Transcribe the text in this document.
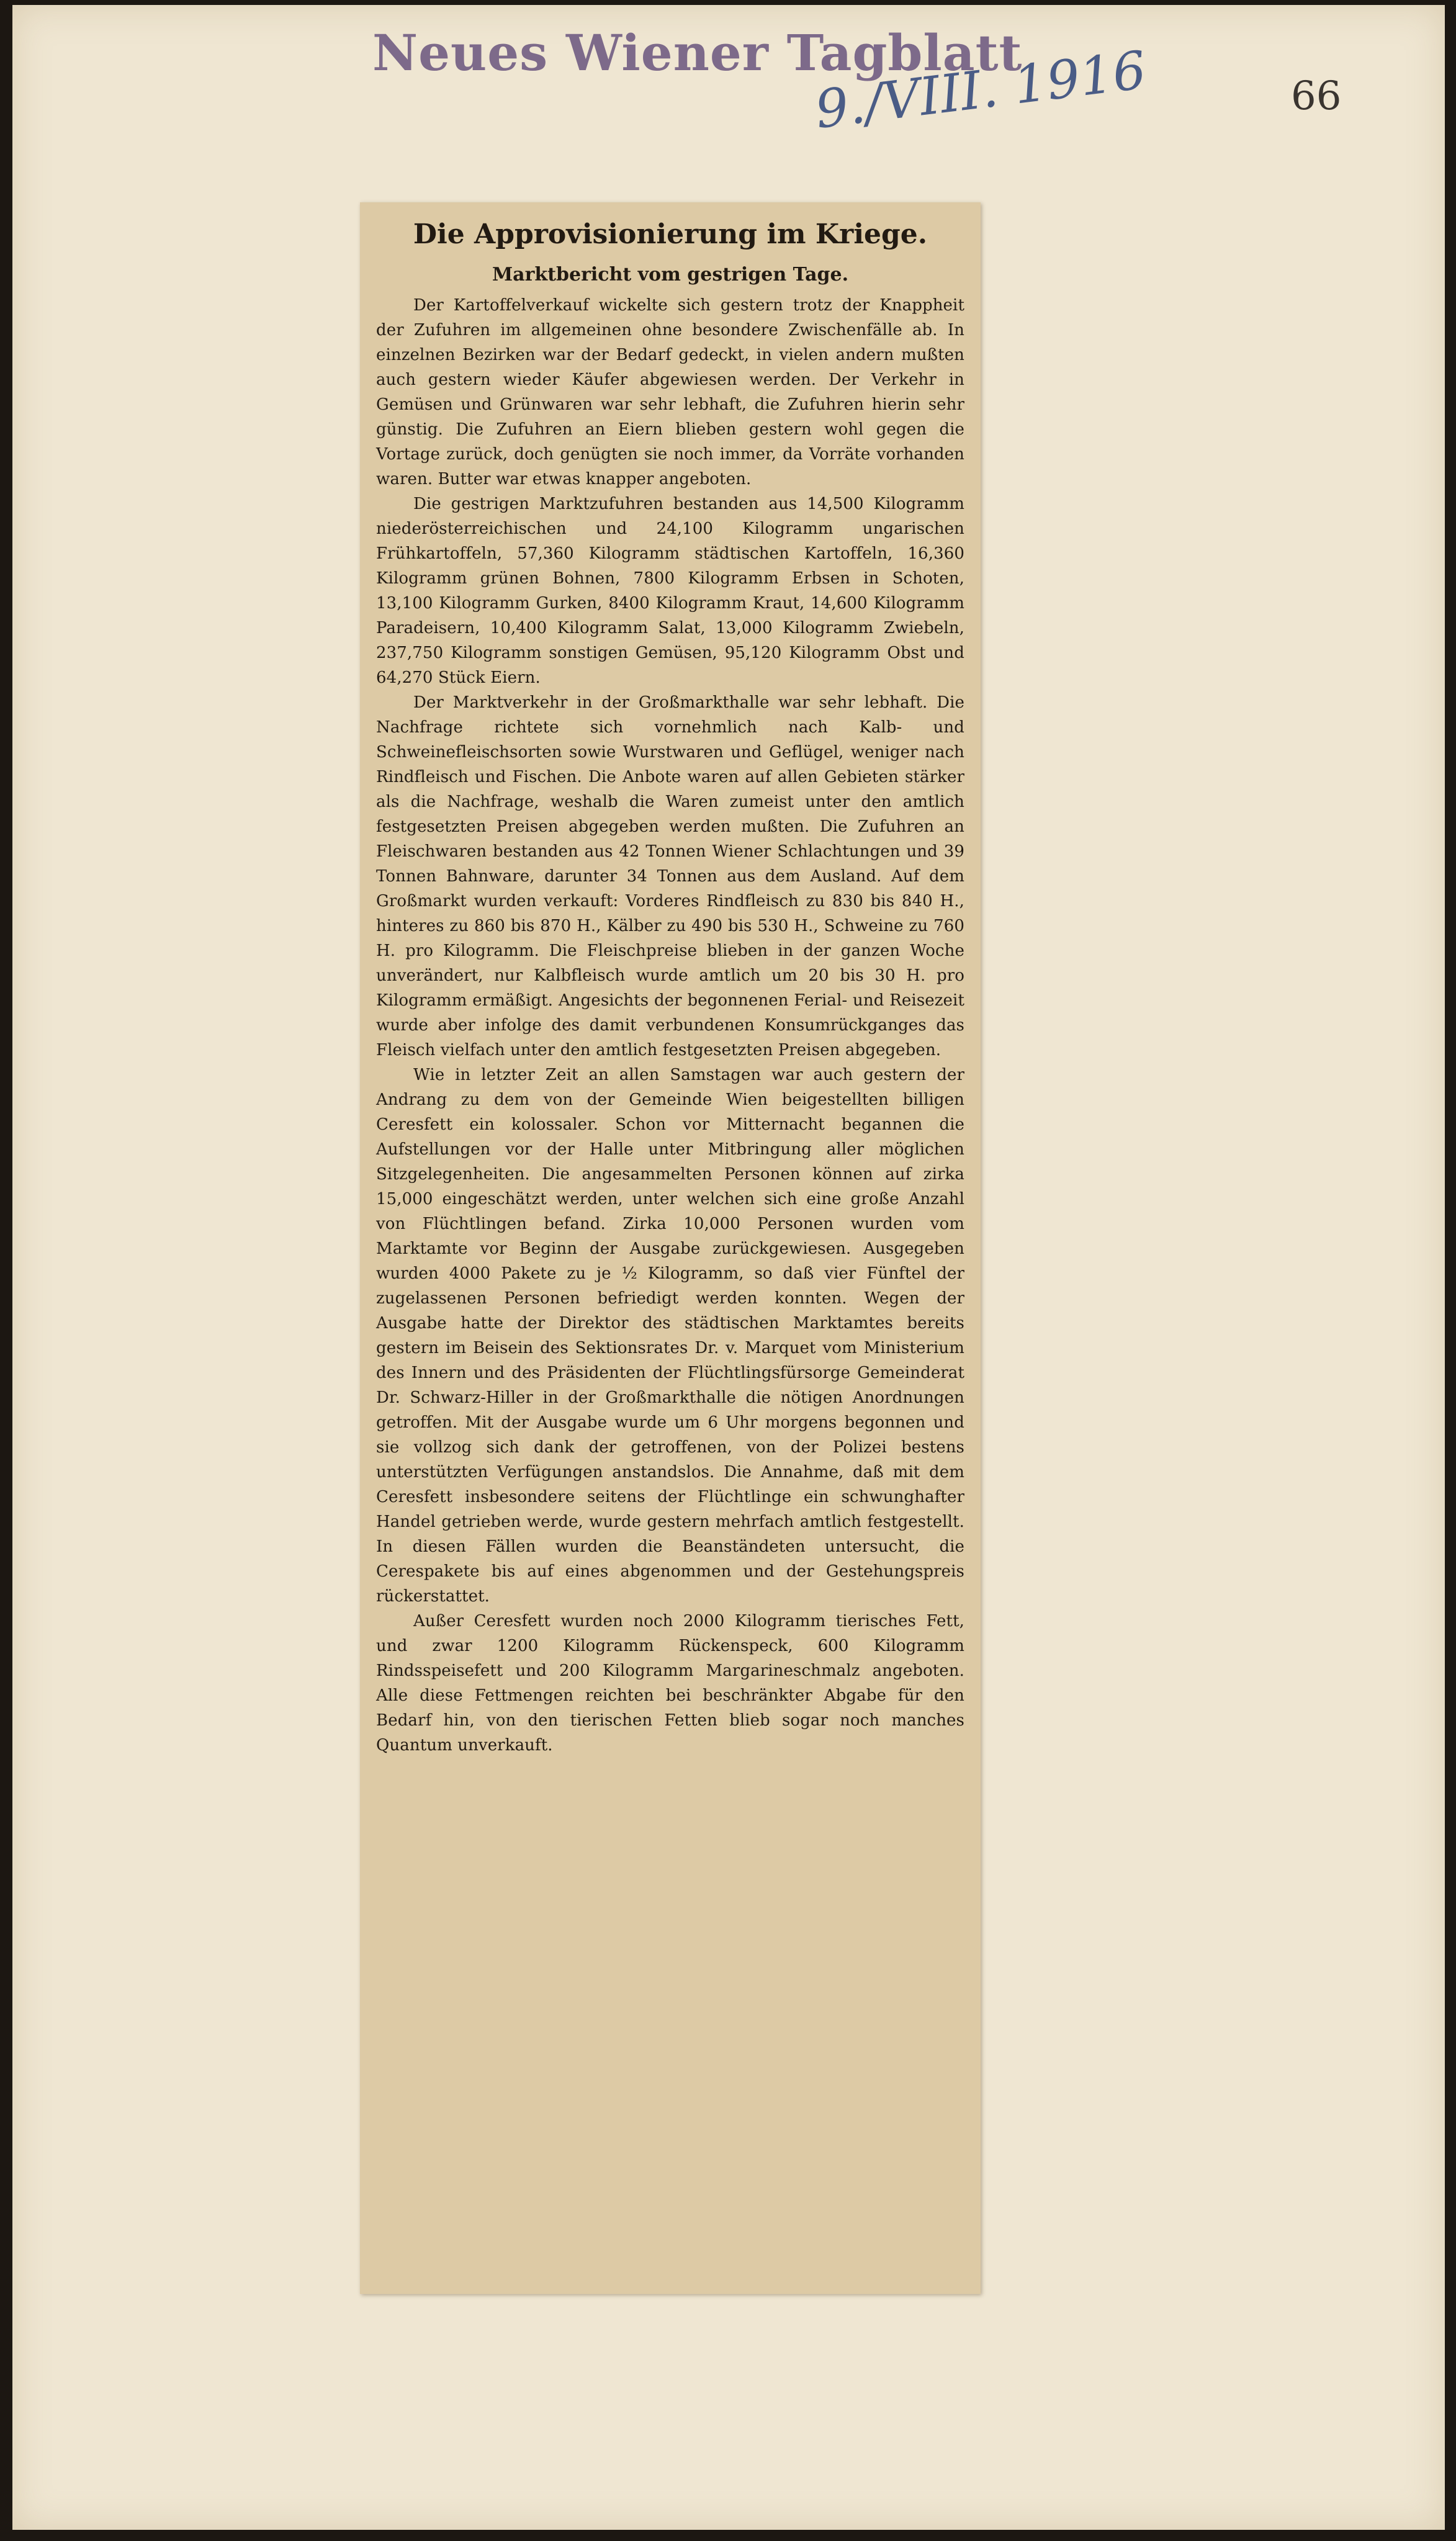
Neues Wiener Tagblatt
9./VIII. 1916	66
Die Approvisionierung im Kriege.
Marktbericht vom gestrigen Tage.

Der Kartoffelverkauf wickelte sich gestern trotz der Knappheit der Zufuhren im allgemeinen ohne besondere Zwischenfälle ab. In einzelnen Bezirken war der Bedarf gedeckt, in vielen andern mußten auch gestern wieder Käufer abgewiesen werden. Der Verkehr in Gemüsen und Grünwaren war sehr lebhaft, die Zufuhren hierin sehr günstig. Die Zufuhren an Eiern blieben gestern wohl gegen die Vortage zurück, doch genügten sie noch immer, da Vorräte vorhanden waren. Butter war etwas knapper angeboten.

Die gestrigen Marktzufuhren bestanden aus 14,500 Kilogramm niederösterreichischen und 24,100 Kilogramm ungarischen Frühkartoffeln, 57,360 Kilogramm städtischen Kartoffeln, 16,360 Kilogramm grünen Bohnen, 7800 Kilogramm Erbsen in Schoten, 13,100 Kilogramm Gurken, 8400 Kilogramm Kraut, 14,600 Kilogramm Paradeisern, 10,400 Kilogramm Salat, 13,000 Kilogramm Zwiebeln, 237,750 Kilogramm sonstigen Gemüsen, 95,120 Kilogramm Obst und 64,270 Stück Eiern.

Der Marktverkehr in der Großmarkthalle war sehr lebhaft. Die Nachfrage richtete sich vornehmlich nach Kalb- und Schweinefleischsorten sowie Wurstwaren und Geflügel, weniger nach Rindfleisch und Fischen. Die Anbote waren auf allen Gebieten stärker als die Nachfrage, weshalb die Waren zumeist unter den amtlich festgesetzten Preisen abgegeben werden mußten. Die Zufuhren an Fleischwaren bestanden aus 42 Tonnen Wiener Schlachtungen und 39 Tonnen Bahnware, darunter 34 Tonnen aus dem Ausland. Auf dem Großmarkt wurden verkauft: Vorderes Rindfleisch zu 830 bis 840 H., hinteres zu 860 bis 870 H., Kälber zu 490 bis 530 H., Schweine zu 760 H. pro Kilogramm. Die Fleischpreise blieben in der ganzen Woche unverändert, nur Kalbfleisch wurde amtlich um 20 bis 30 H. pro Kilogramm ermäßigt. Angesichts der begonnenen Ferial- und Reisezeit wurde aber infolge des damit verbundenen Konsumrückganges das Fleisch vielfach unter den amtlich festgesetzten Preisen abgegeben.

Wie in letzter Zeit an allen Samstagen war auch gestern der Andrang zu dem von der Gemeinde Wien beigestellten billigen Ceresfett ein kolossaler. Schon vor Mitternacht begannen die Aufstellungen vor der Halle unter Mitbringung aller möglichen Sitzgelegenheiten. Die angesammelten Personen können auf zirka 15,000 eingeschätzt werden, unter welchen sich eine große Anzahl von Flüchtlingen befand. Zirka 10,000 Personen wurden vom Marktamte vor Beginn der Ausgabe zurückgewiesen. Ausgegeben wurden 4000 Pakete zu je ½ Kilogramm, so daß vier Fünftel der zugelassenen Personen befriedigt werden konnten. Wegen der Ausgabe hatte der Direktor des städtischen Marktamtes bereits gestern im Beisein des Sektionsrates Dr. v. Marquet vom Ministerium des Innern und des Präsidenten der Flüchtlingsfürsorge Gemeinderat Dr. Schwarz-Hiller in der Großmarkthalle die nötigen Anordnungen getroffen. Mit der Ausgabe wurde um 6 Uhr morgens begonnen und sie vollzog sich dank der getroffenen, von der Polizei bestens unterstützten Verfügungen anstandslos. Die Annahme, daß mit dem Ceresfett insbesondere seitens der Flüchtlinge ein schwunghafter Handel getrieben werde, wurde gestern mehrfach amtlich festgestellt. In diesen Fällen wurden die Beanständeten untersucht, die Cerespakete bis auf eines abgenommen und der Gestehungspreis rückerstattet.

Außer Ceresfett wurden noch 2000 Kilogramm tierisches Fett, und zwar 1200 Kilogramm Rückenspeck, 600 Kilogramm Rindsspeisefett und 200 Kilogramm Margarineschmalz angeboten. Alle diese Fettmengen reichten bei beschränkter Abgabe für den Bedarf hin, von den tierischen Fetten blieb sogar noch manches Quantum unverkauft.
